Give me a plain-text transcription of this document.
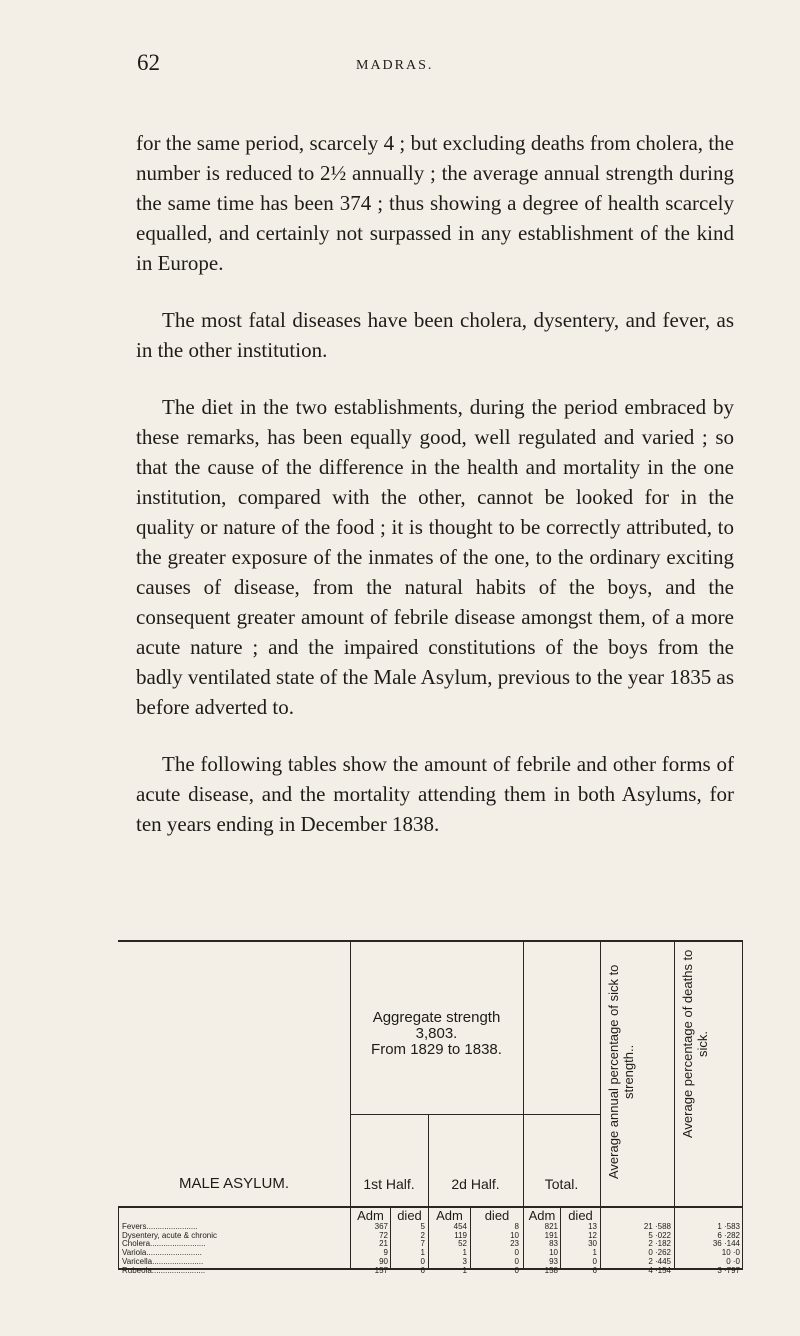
62	MADRAS.

for the same period, scarcely 4 ; but excluding deaths from cholera, the number is reduced to 2½ annually ; the average annual strength during the same time has been 374 ; thus showing a degree of health scarcely equalled, and certainly not surpassed in any establishment of the kind in Europe.

The most fatal diseases have been cholera, dysentery, and fever, as in the other institution.

The diet in the two establishments, during the period embraced by these remarks, has been equally good, well regulated and varied ; so that the cause of the difference in the health and mortality in the one institution, compared with the other, cannot be looked for in the quality or nature of the food ; it is thought to be correctly attributed, to the greater exposure of the inmates of the one, to the ordinary exciting causes of disease, from the natural habits of the boys, and the consequent greater amount of febrile disease amongst them, of a more acute nature ; and the impaired constitutions of the boys from the badly ventilated state of the Male Asylum, previous to the year 1835 as before adverted to.

The following tables show the amount of febrile and other forms of acute disease, and the mortality attending them in both Asylums, for ten years ending in December 1838.

MALE ASYLUM.
Aggregate strength
3,803.
From 1829 to 1838.
1st Half.	2d Half.	Total.
Average annual percentage of sick to strength..	Average percentage of deaths to sick.
Adm	died	Adm	died	Adm died
Fevers.......................	367	5	454	8	821	13	21 ·588	1 ·583
Dysentery, acute & chronic	72	2	119	10	191	12	5 ·022	6 ·282
Cholera.........................	21	7	52	23	83	30	2 ·182	36 ·144
Variola.........................	9	1	1	0	10	1	0 ·262	10 ·0
Varicella.......................	90	0	3	0	93	0	2 ·445	0 ·0
Rubeola........................	157	6	1	0	158	6	4 ·154	3 ·797
